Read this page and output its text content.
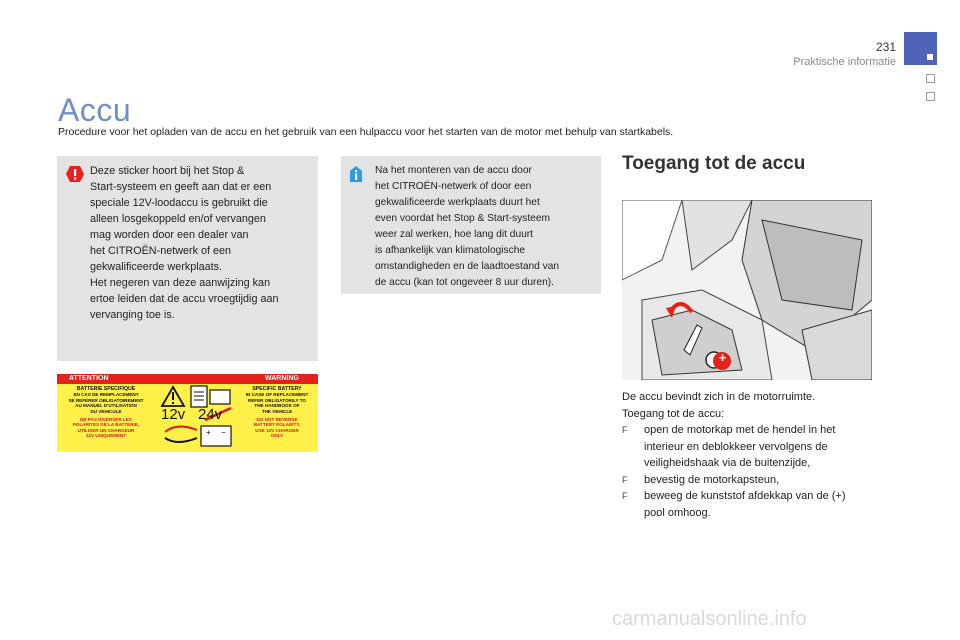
231
Praktische informatie
Accu
Procedure voor het opladen van de accu en het gebruik van een hulpaccu voor het starten van de motor met behulp van startkabels.

Deze sticker hoort bij het Stop &

Start-systeem en geeft aan dat er een

speciale 12V-loodaccu is gebruikt die

alleen losgekoppeld en/of vervangen

mag worden door een dealer van

het CITROËN-netwerk of een

gekwalificeerde werkplaats.

Het negeren van deze aanwijzing kan

ertoe leiden dat de accu vroegtijdig aan

vervanging toe is.

Na het monteren van de accu door

het CITROËN-netwerk of door een

gekwalificeerde werkplaats duurt het

even voordat het Stop & Start-systeem

weer zal werken, hoe lang dit duurt

is afhankelijk van klimatologische

omstandigheden en de laadtoestand van

de accu (kan tot ongeveer 8 uur duren).

ATTENTION	WARNING
BATTERIE SPECIFIQUE
EN CAS DE REMPLACEMENT
SE REFERER OBLIGATOIREMENT
AU MANUEL D'UTILISATION
DU VEHICULE
NE PAS INVERSER LES
POLARITES DE LA BATTERIE,
UTILISER UN CHARGEUR
12V UNIQUEMENT
SPECIFIC BATTERY
IN CASE OF REPLACEMENT
REFER OBLIGATORILY TO
THE HANDBOOK OF
THE VEHICLE
DO NOT REVERSE
BATTERY POLARITY,
USE 12V CHARGER
ONLY
+ −
12v 24v
Toegang tot de accu
+
De accu bevindt zich in de motorruimte.
Toegang tot de accu:
F open de motorkap met de hendel in het
interieur en deblokkeer vervolgens de
veiligheidshaak via de buitenzijde,
F bevestig de motorkapsteun,
F beweeg de kunststof afdekkap van de (+)
pool omhoog.
carmanualsonline.info
